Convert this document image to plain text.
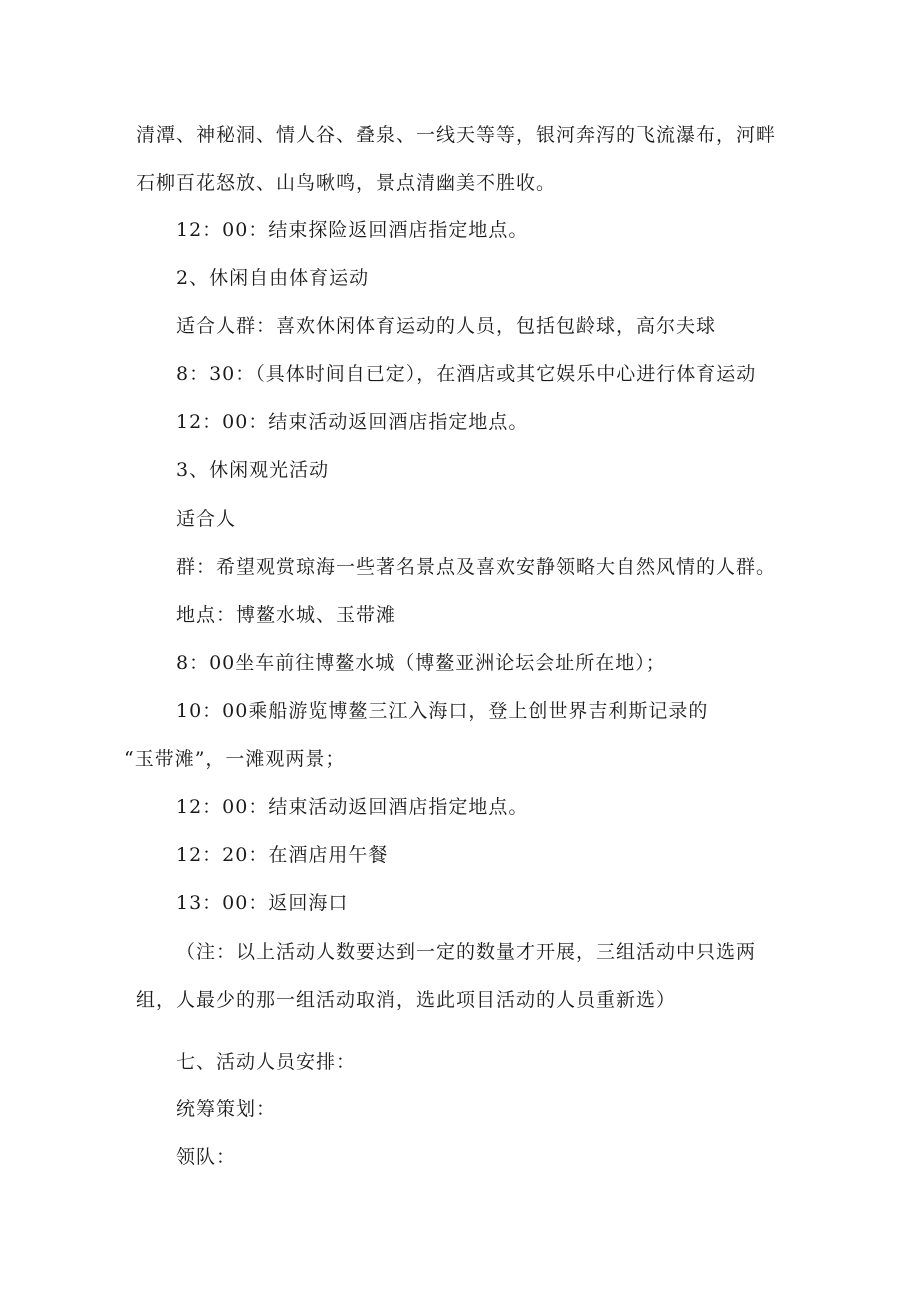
清潭、神秘洞、情人谷、叠泉、一线天等等，银河奔泻的飞流瀑布，河畔
石柳百花怒放、山鸟啾鸣，景点清幽美不胜收。
12：00：结束探险返回酒店指定地点。
2、休闲自由体育运动
适合人群：喜欢休闲体育运动的人员，包括包龄球，高尔夫球
8：30：（具体时间自已定），在酒店或其它娱乐中心进行体育运动
12：00：结束活动返回酒店指定地点。
3、休闲观光活动
适合人
群：希望观赏琼海一些著名景点及喜欢安静领略大自然风情的人群。
地点：博鳌水城、玉带滩
8：00坐车前往博鳌水城（博鳌亚洲论坛会址所在地）；
10：00乘船游览博鳌三江入海口，登上创世界吉利斯记录的
“玉带滩”，一滩观两景；
12：00：结束活动返回酒店指定地点。
12：20：在酒店用午餐
13：00：返回海口
（注：以上活动人数要达到一定的数量才开展，三组活动中只选两
组，人最少的那一组活动取消，选此项目活动的人员重新选）
七、活动人员安排：
统筹策划：
领队：
